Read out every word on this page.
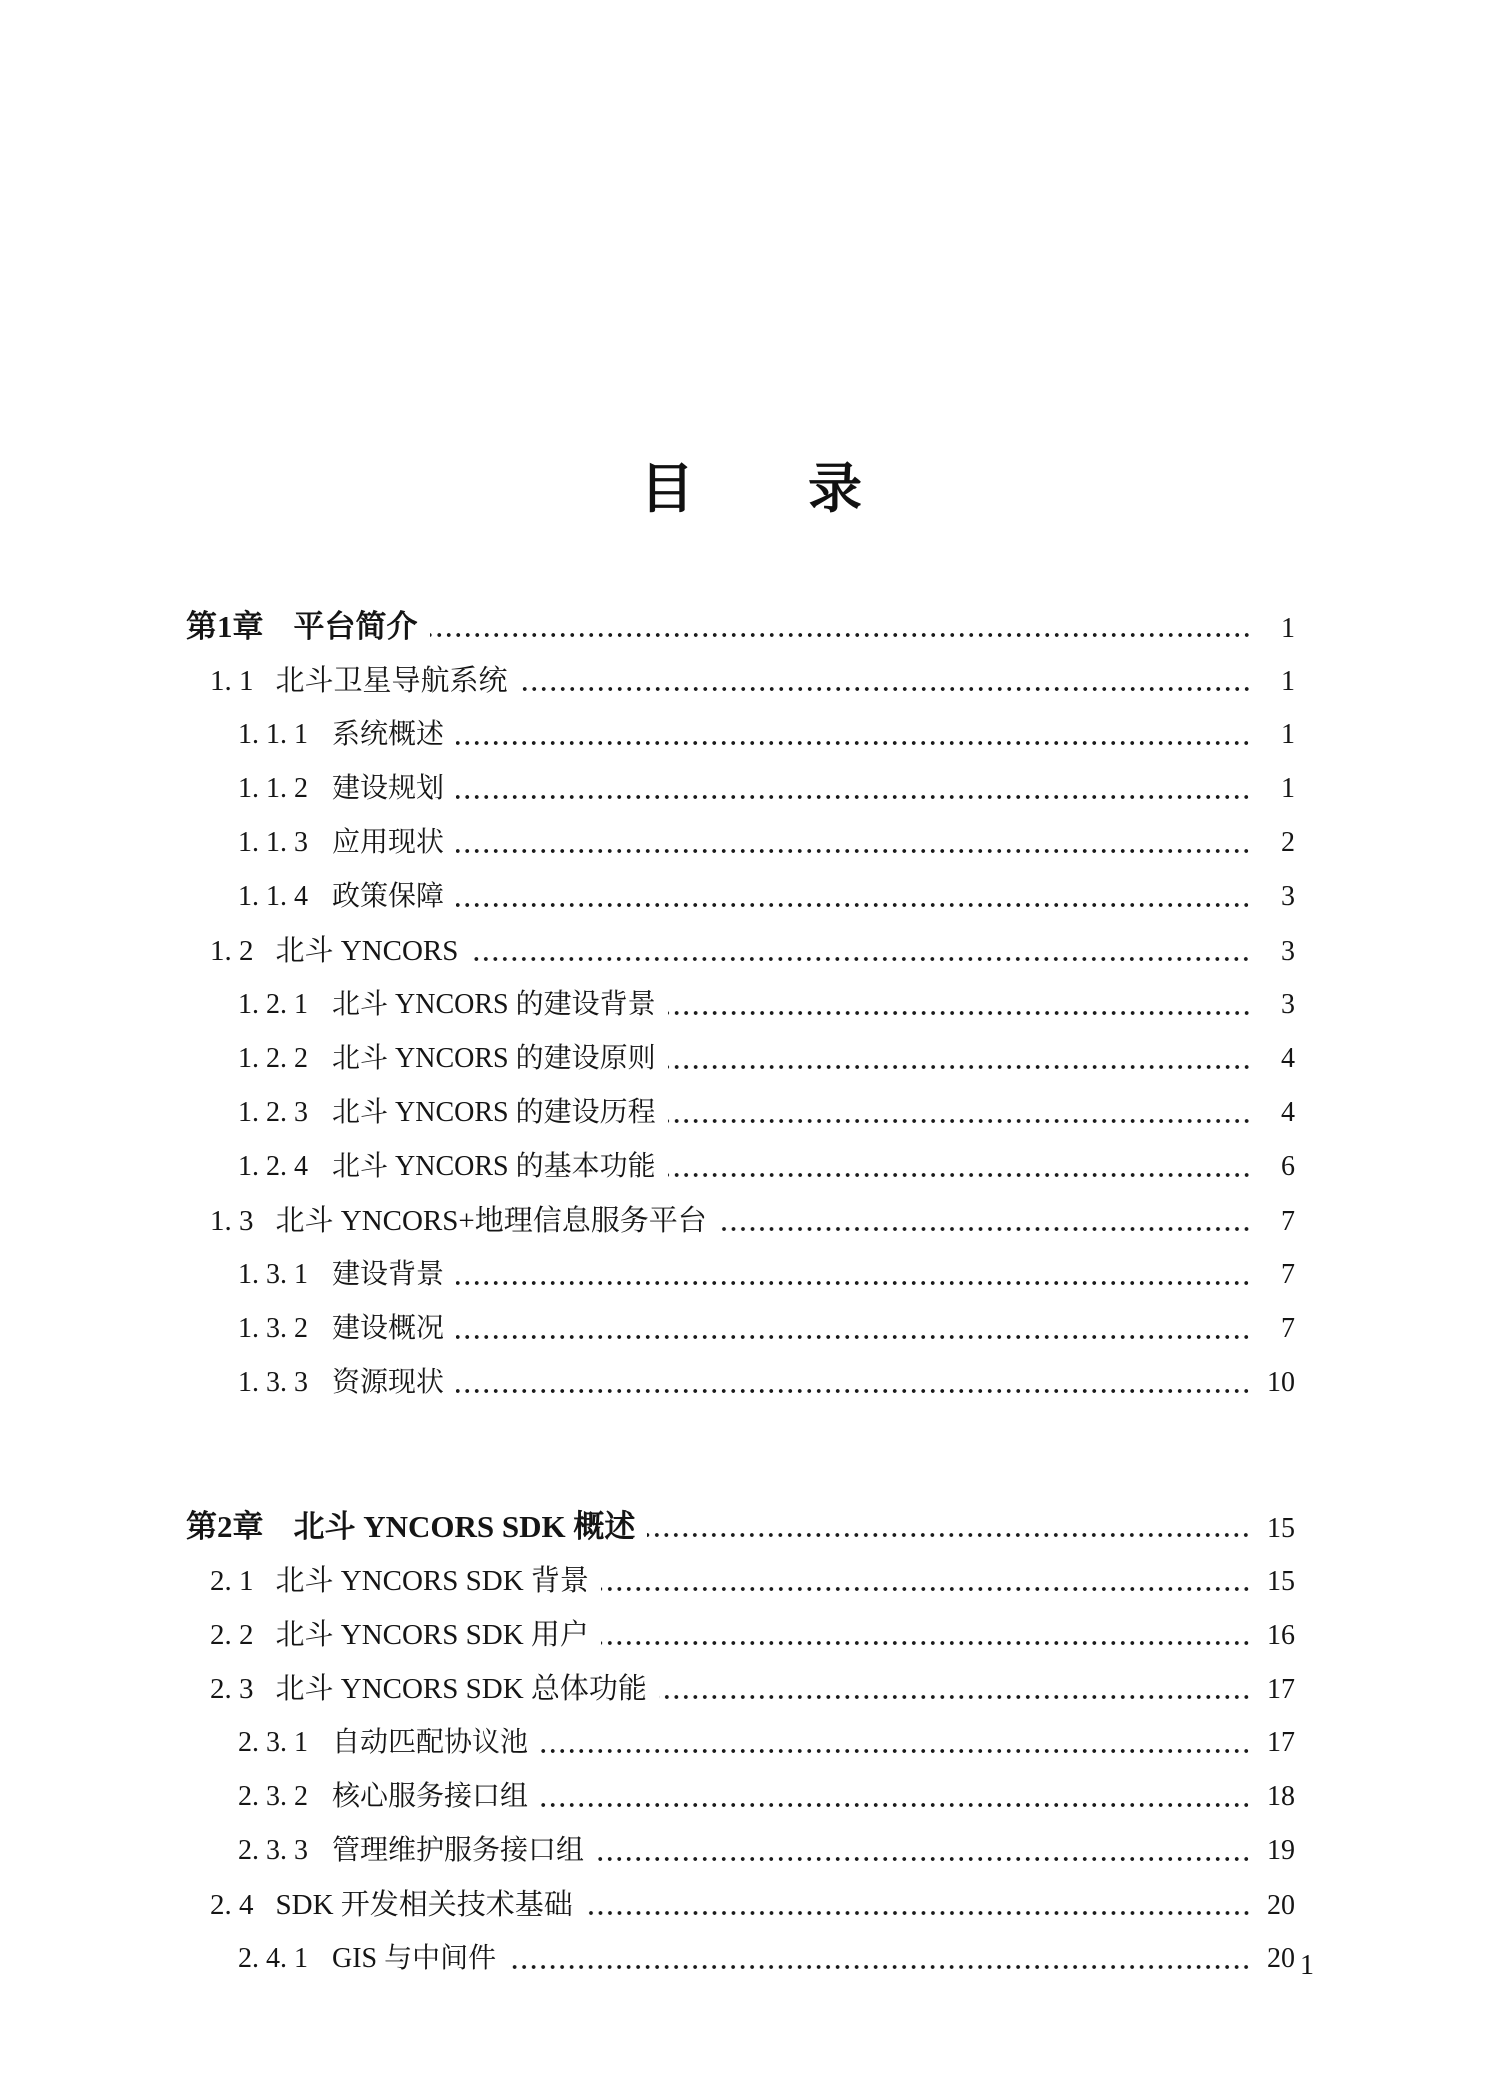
目　　录
第1章 平台简介	1
1. 1 北斗卫星导航系统	1
1. 1. 1 系统概述	1
1. 1. 2 建设规划	1
1. 1. 3 应用现状	2
1. 1. 4 政策保障	3
1. 2 北斗 YNCORS	3
1. 2. 1 北斗 YNCORS 的建设背景	3
1. 2. 2 北斗 YNCORS 的建设原则	4
1. 2. 3 北斗 YNCORS 的建设历程	4
1. 2. 4 北斗 YNCORS 的基本功能	6
1. 3 北斗 YNCORS+地理信息服务平台	7
1. 3. 1 建设背景	7
1. 3. 2 建设概况	7
1. 3. 3 资源现状	10
第2章 北斗 YNCORS SDK 概述	15
2. 1 北斗 YNCORS SDK 背景	15
2. 2 北斗 YNCORS SDK 用户	16
2. 3 北斗 YNCORS SDK 总体功能	17
2. 3. 1 自动匹配协议池	17
2. 3. 2 核心服务接口组	18
2. 3. 3 管理维护服务接口组	19
2. 4 SDK 开发相关技术基础	20
2. 4. 1 GIS 与中间件	20 1
